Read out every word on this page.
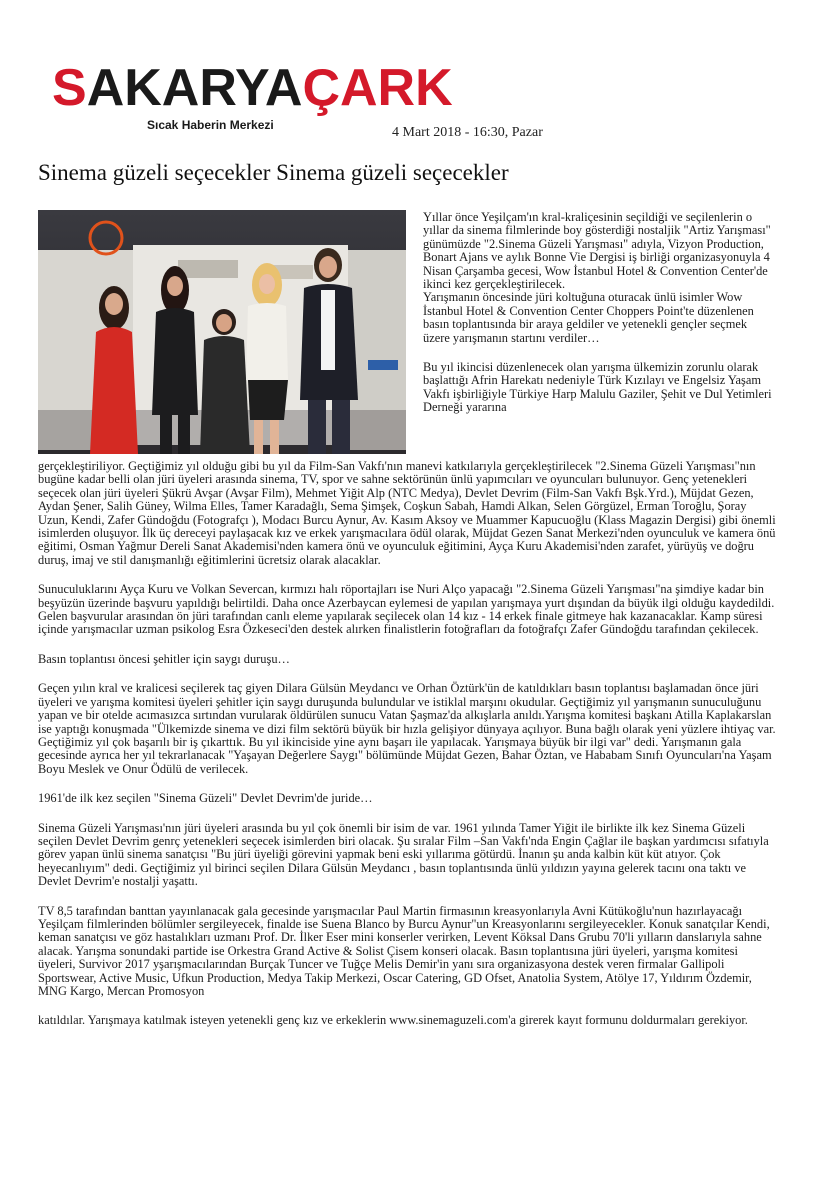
SAKARYAÇARK
Sıcak Haberin Merkezi	4 Mart 2018 - 16:30, Pazar
Sinema güzeli seçecekler Sinema güzeli seçecekler

Yıllar önce Yeşilçam'ın kral-kraliçesinin seçildiği ve seçilenlerin o yıllar da sinema filmlerinde boy gösterdiği nostaljik "Artiz Yarışması" günümüzde "2.Sinema Güzeli Yarışması" adıyla, Vizyon Production, Bonart Ajans ve aylık Bonne Vie Dergisi iş birliği organizasyonuyla 4 Nisan Çarşamba gecesi, Wow İstanbul Hotel & Convention Center'de ikinci kez gerçekleştirilecek.

Yarışmanın öncesinde jüri koltuğuna oturacak ünlü isimler Wow İstanbul Hotel & Convention Center Choppers Point'te düzenlenen basın toplantısında bir araya geldiler ve yetenekli gençler seçmek üzere yarışmanın startını verdiler…

Bu yıl ikincisi düzenlenecek olan yarışma ülkemizin zorunlu olarak başlattığı Afrin Harekatı nedeniyle Türk Kızılayı ve Engelsiz Yaşam Vakfı işbirliğiyle Türkiye Harp Malulu Gaziler, Şehit ve Dul Yetimleri Derneği yararına

gerçekleştiriliyor. Geçtiğimiz yıl olduğu gibi bu yıl da Film-San Vakfı'nın manevi katkılarıyla gerçekleştirilecek "2.Sinema Güzeli Yarışması"nın bugüne kadar belli olan jüri üyeleri arasında sinema, TV, spor ve sahne sektörünün ünlü yapımcıları ve oyuncuları bulunuyor. Genç yetenekleri seçecek olan jüri üyeleri Şükrü Avşar (Avşar Film), Mehmet Yiğit Alp (NTC Medya), Devlet Devrim (Film-San Vakfı Bşk.Yrd.), Müjdat Gezen, Aydan Şener, Salih Güney, Wilma Elles, Tamer Karadağlı, Sema Şimşek, Coşkun Sabah, Hamdi Alkan, Selen Görgüzel, Erman Toroğlu, Şoray Uzun, Kendi, Zafer Gündoğdu (Fotografçı ), Modacı Burcu Aynur, Av. Kasım Aksoy ve Muammer Kapucuoğlu (Klass Magazin Dergisi) gibi önemli isimlerden oluşuyor. İlk üç dereceyi paylaşacak kız ve erkek yarışmacılara ödül olarak, Müjdat Gezen Sanat Merkezi'nden oyunculuk ve kamera önü eğitimi, Osman Yağmur Dereli Sanat Akademisi'nden kamera önü ve oyunculuk eğitimini, Ayça Kuru Akademisi'nden zarafet, yürüyüş ve doğru duruş, imaj ve stil danışmanlığı eğitimlerini ücretsiz olarak alacaklar.

Sunuculuklarını Ayça Kuru ve Volkan Severcan, kırmızı halı röportajları ise Nuri Alço yapacağı "2.Sinema Güzeli Yarışması"na şimdiye kadar bin beşyüzün üzerinde başvuru yapıldığı belirtildi. Daha once Azerbaycan eylemesi de yapılan yarışmaya yurt dışından da büyük ilgi olduğu kaydedildi. Gelen başvurular arasından ön jüri tarafından canlı eleme yapılarak seçilecek olan 14 kız - 14 erkek finale gitmeye hak kazanacaklar. Kamp süresi içinde yarışmacılar uzman psikolog Esra Özkeseci'den destek alırken finalistlerin fotoğrafları da fotoğrafçı Zafer Gündoğdu tarafından çekilecek.

Basın toplantısı öncesi şehitler için saygı duruşu…

Geçen yılın kral ve kralicesi seçilerek taç giyen Dilara Gülsün Meydancı ve Orhan Öztürk'ün de katıldıkları basın toplantısı başlamadan önce jüri üyeleri ve yarışma komitesi üyeleri şehitler için saygı duruşunda bulundular ve istiklal marşını okudular. Geçtiğimiz yıl yarışmanın sunuculuğunu yapan ve bir otelde acımasızca sırtından vurularak öldürülen sunucu Vatan Şaşmaz'da alkışlarla anıldı.Yarışma komitesi başkanı Atilla Kaplakarslan ise yaptığı konuşmada "Ülkemizde sinema ve dizi film sektörü büyük bir hızla gelişiyor dünyaya açılıyor. Buna bağlı olarak yeni yüzlere ihtiyaç var. Geçtiğimiz yıl çok başarılı bir iş çıkarttık. Bu yıl ikinciside yine aynı başarı ile yapılacak. Yarışmaya büyük bir ilgi var" dedi. Yarışmanın gala gecesinde ayrıca her yıl tekrarlanacak "Yaşayan Değerlere Saygı" bölümünde Müjdat Gezen, Bahar Öztan, ve Hababam Sınıfı Oyuncuları'na Yaşam Boyu Meslek ve Onur Ödülü de verilecek.

1961'de ilk kez seçilen "Sinema Güzeli" Devlet Devrim'de juride…

Sinema Güzeli Yarışması'nın jüri üyeleri arasında bu yıl çok önemli bir isim de var. 1961 yılında Tamer Yiğit ile birlikte ilk kez Sinema Güzeli seçilen Devlet Devrim genrç yetenekleri seçecek isimlerden biri olacak. Şu sıralar Film –San Vakfı'nda Engin Çağlar ile başkan yardımcısı sıfatıyla görev yapan ünlü sinema sanatçısı "Bu jüri üyeliği görevini yapmak beni eski yıllarıma götürdü. İnanın şu anda kalbin küt küt atıyor. Çok heyecanlıyım" dedi. Geçtiğimiz yıl birinci seçilen Dilara Gülsün Meydancı , basın toplantısında ünlü yıldızın yayına gelerek tacını ona taktı ve Devlet Devrim'e nostalji yaşattı.

TV 8,5 tarafından banttan yayınlanacak gala gecesinde yarışmacılar Paul Martin firmasının kreasyonlarıyla Avni Kütükoğlu'nun hazırlayacağı Yeşilçam filmlerinden bölümler sergileyecek, finalde ise Suena Blanco by Burcu Aynur"un Kreasyonlarını sergileyecekler. Konuk sanatçılar Kendi, keman sanatçısı ve göz hastalıkları uzmanı Prof. Dr. İlker Eser mini konserler verirken, Levent Köksal Dans Grubu 70'li yılların danslarıyla sahne alacak. Yarışma sonundaki partide ise Orkestra Grand Active & Solist Çisem konseri olacak. Basın toplantısına jüri üyeleri, yarışma komitesi üyeleri, Survivor 2017 yşarışmacılarından Burçak Tuncer ve Tuğçe Melis Demir'in yanı sıra organizasyona destek veren firmalar Gallipoli Sportswear, Active Music, Ufkun Production, Medya Takip Merkezi, Oscar Catering, GD Ofset, Anatolia System, Atölye 17, Yıldırım Özdemir, MNG Kargo, Mercan Promosyon

katıldılar. Yarışmaya katılmak isteyen yetenekli genç kız ve erkeklerin www.sinemaguzeli.com'a girerek kayıt formunu doldurmaları gerekiyor.
